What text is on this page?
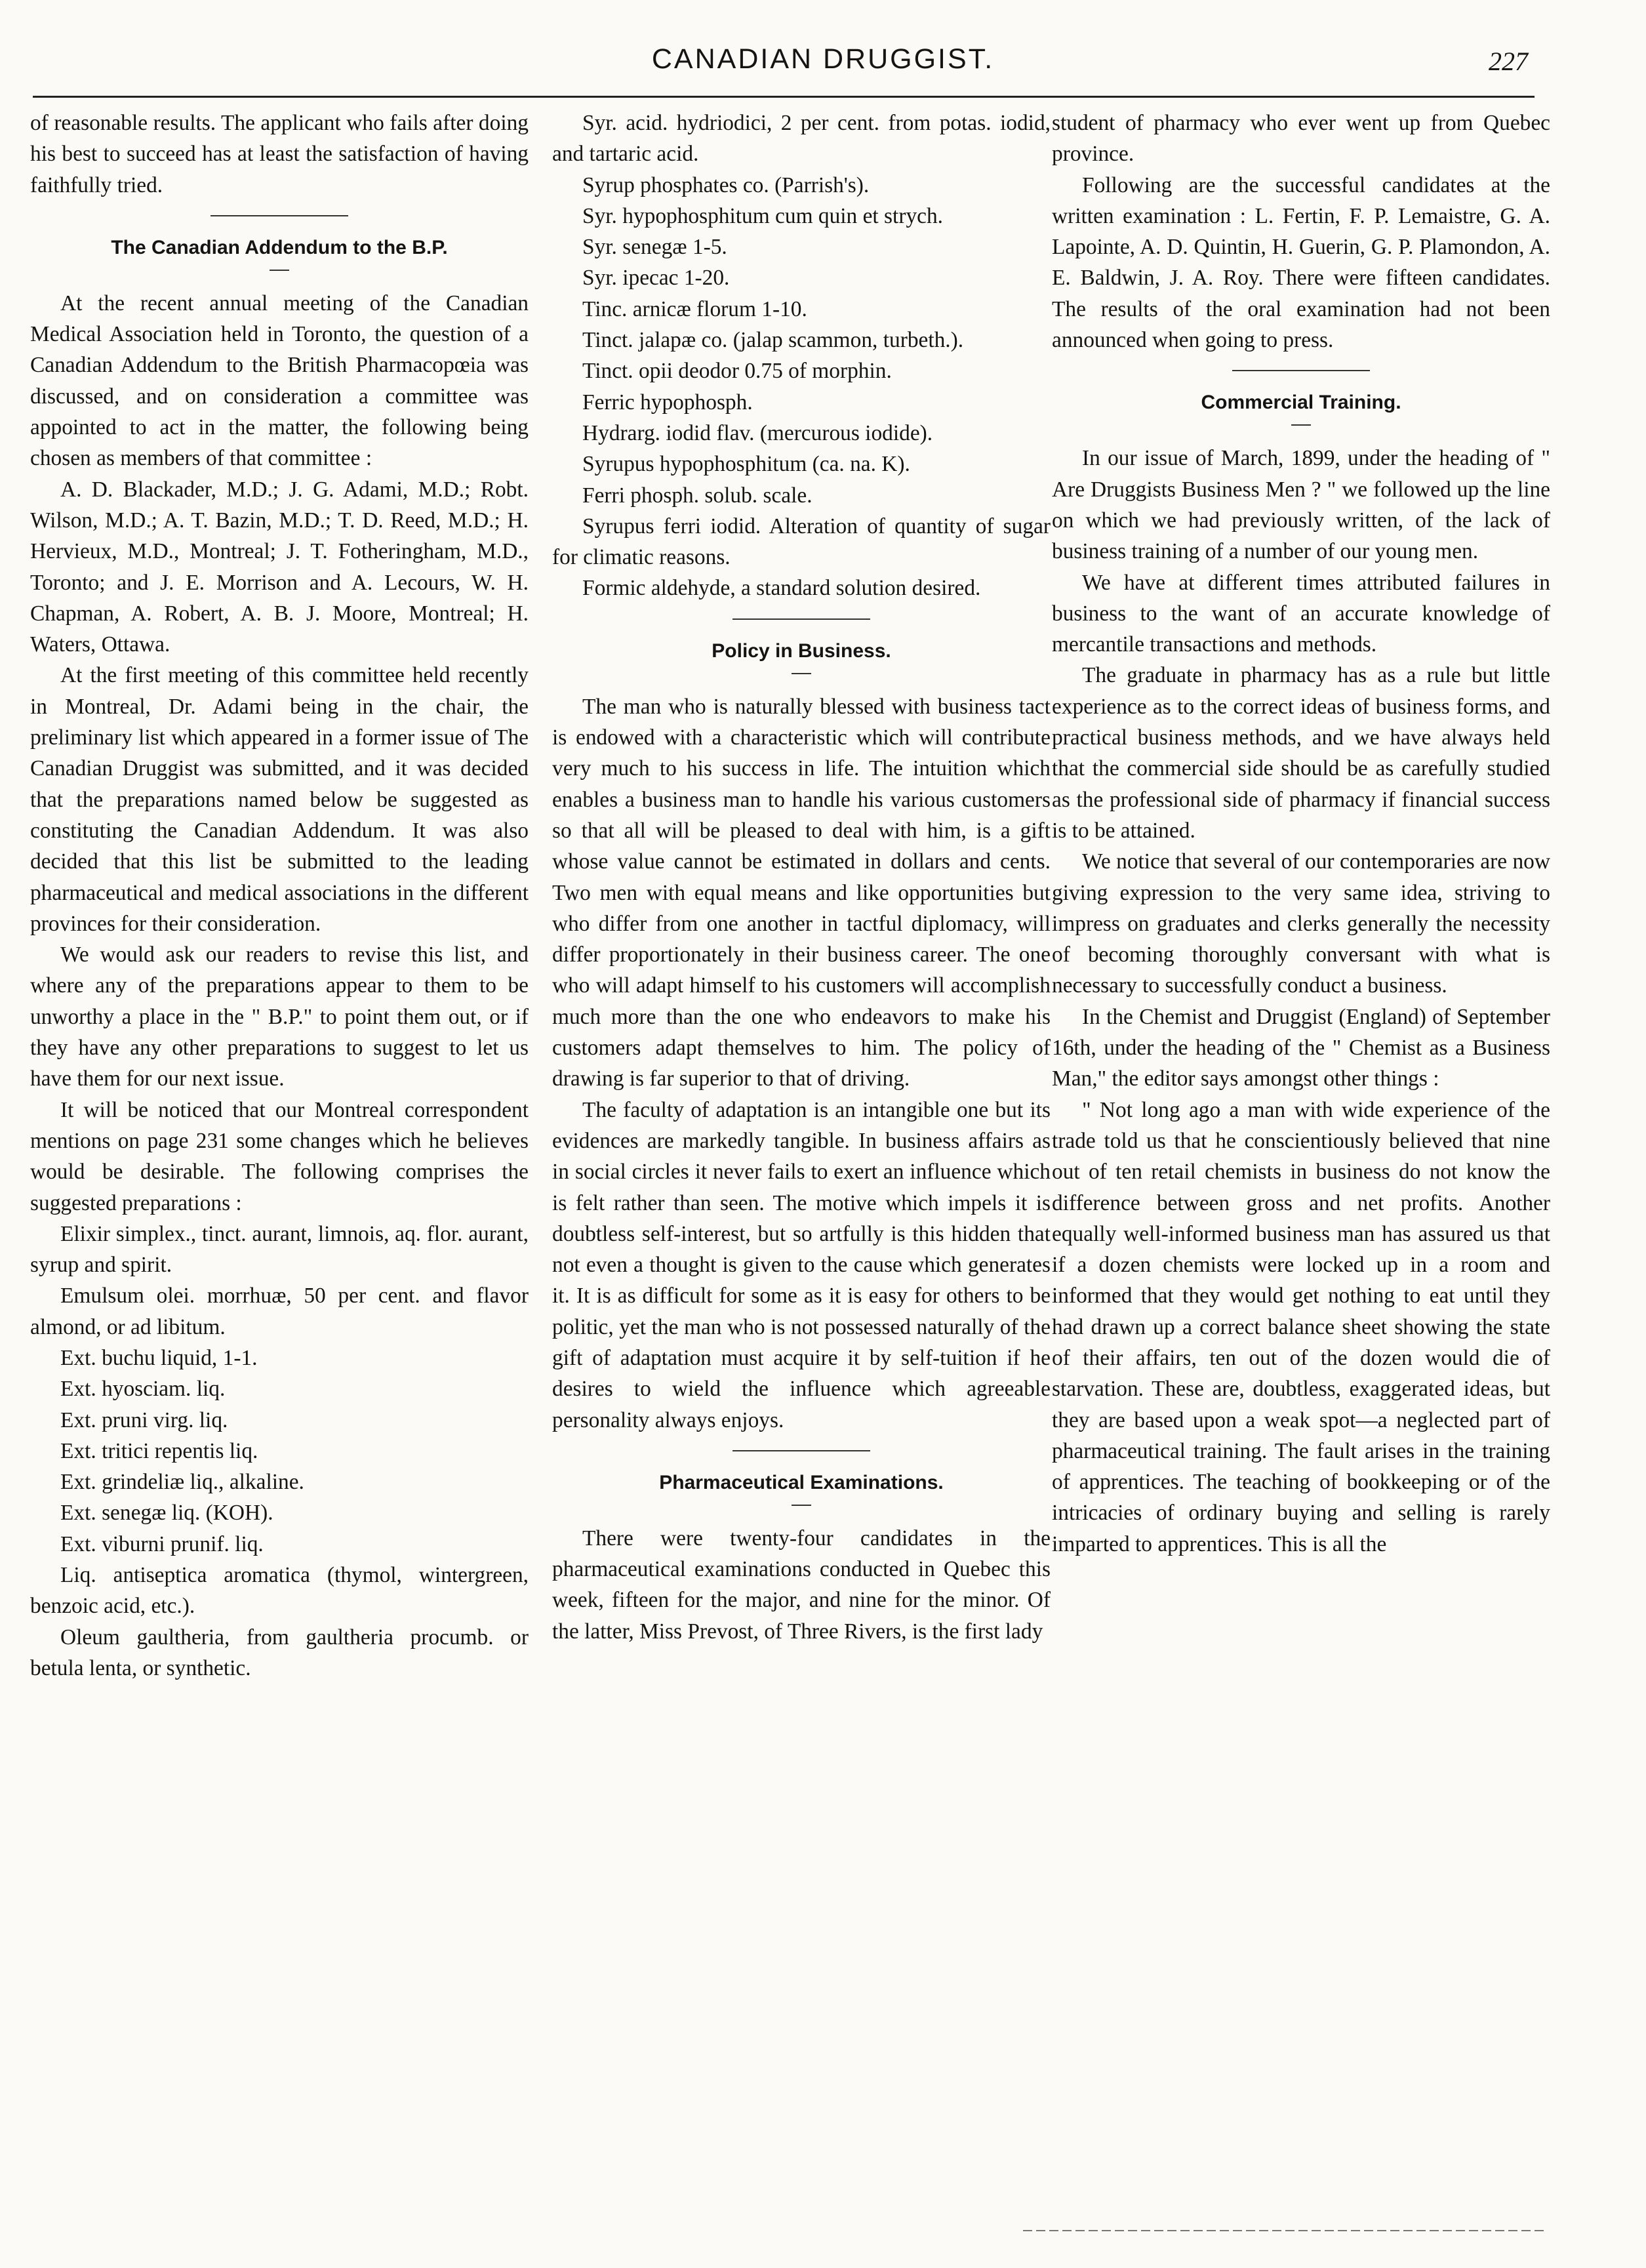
CANADIAN DRUGGIST.	227

of reasonable results. The applicant who fails after doing his best to succeed has at least the satisfaction of having faithfully tried.

The Canadian Addendum to the B.P.

At the recent annual meeting of the Canadian Medical Association held in Toronto, the question of a Canadian Addendum to the British Pharmacopœia was discussed, and on consideration a committee was appointed to act in the matter, the following being chosen as members of that committee :

A. D. Blackader, M.D.; J. G. Adami, M.D.; Robt. Wilson, M.D.; A. T. Bazin, M.D.; T. D. Reed, M.D.; H. Hervieux, M.D., Montreal; J. T. Fotheringham, M.D., Toronto; and J. E. Morrison and A. Lecours, W. H. Chapman, A. Robert, A. B. J. Moore, Montreal; H. Waters, Ottawa.

At the first meeting of this committee held recently in Montreal, Dr. Adami being in the chair, the preliminary list which appeared in a former issue of The Canadian Druggist was submitted, and it was decided that the preparations named below be suggested as constituting the Canadian Addendum. It was also decided that this list be submitted to the leading pharmaceutical and medical associations in the different provinces for their consideration.

We would ask our readers to revise this list, and where any of the preparations appear to them to be unworthy a place in the " B.P." to point them out, or if they have any other preparations to suggest to let us have them for our next issue.

It will be noticed that our Montreal correspondent mentions on page 231 some changes which he believes would be desirable. The following comprises the suggested preparations :

Elixir simplex., tinct. aurant, limnois, aq. flor. aurant, syrup and spirit.

Emulsum olei. morrhuæ, 50 per cent. and flavor almond, or ad libitum.

Ext. buchu liquid, 1-1.

Ext. hyosciam. liq.

Ext. pruni virg. liq.

Ext. tritici repentis liq.

Ext. grindeliæ liq., alkaline.

Ext. senegæ liq. (KOH).

Ext. viburni prunif. liq.

Liq. antiseptica aromatica (thymol, wintergreen, benzoic acid, etc.).

Oleum gaultheria, from gaultheria procumb. or betula lenta, or synthetic.

Syr. acid. hydriodici, 2 per cent. from potas. iodid, and tartaric acid.

Syrup phosphates co. (Parrish's).

Syr. hypophosphitum cum quin et strych.

Syr. senegæ 1-5.

Syr. ipecac 1-20.

Tinc. arnicæ florum 1-10.

Tinct. jalapæ co. (jalap scammon, turbeth.).

Tinct. opii deodor 0.75 of morphin.

Ferric hypophosph.

Hydrarg. iodid flav. (mercurous iodide).

Syrupus hypophosphitum (ca. na. K).

Ferri phosph. solub. scale.

Syrupus ferri iodid. Alteration of quantity of sugar for climatic reasons.

Formic aldehyde, a standard solution desired.

Policy in Business.

The man who is naturally blessed with business tact is endowed with a characteristic which will contribute very much to his success in life. The intuition which enables a business man to handle his various customers so that all will be pleased to deal with him, is a gift whose value cannot be estimated in dollars and cents. Two men with equal means and like opportunities but who differ from one another in tactful diplomacy, will differ proportionately in their business career. The one who will adapt himself to his customers will accomplish much more than the one who endeavors to make his customers adapt themselves to him. The policy of drawing is far superior to that of driving.

The faculty of adaptation is an intangible one but its evidences are markedly tangible. In business affairs as in social circles it never fails to exert an influence which is felt rather than seen. The motive which impels it is doubtless self-interest, but so artfully is this hidden that not even a thought is given to the cause which generates it. It is as difficult for some as it is easy for others to be politic, yet the man who is not possessed naturally of the gift of adaptation must acquire it by self-tuition if he desires to wield the influence which agreeable personality always enjoys.

Pharmaceutical Examinations.

There were twenty-four candidates in the pharmaceutical examinations conducted in Quebec this week, fifteen for the major, and nine for the minor. Of the latter, Miss Prevost, of Three Rivers, is the first lady

student of pharmacy who ever went up from Quebec province.

Following are the successful candidates at the written examination : L. Fertin, F. P. Lemaistre, G. A. Lapointe, A. D. Quintin, H. Guerin, G. P. Plamondon, A. E. Baldwin, J. A. Roy. There were fifteen candidates. The results of the oral examination had not been announced when going to press.

Commercial Training.

In our issue of March, 1899, under the heading of " Are Druggists Business Men ? " we followed up the line on which we had previously written, of the lack of business training of a number of our young men.

We have at different times attributed failures in business to the want of an accurate knowledge of mercantile transactions and methods.

The graduate in pharmacy has as a rule but little experience as to the correct ideas of business forms, and practical business methods, and we have always held that the commercial side should be as carefully studied as the professional side of pharmacy if financial success is to be attained.

We notice that several of our contemporaries are now giving expression to the very same idea, striving to impress on graduates and clerks generally the necessity of becoming thoroughly conversant with what is necessary to successfully conduct a business.

In the Chemist and Druggist (England) of September 16th, under the heading of the " Chemist as a Business Man," the editor says amongst other things :

" Not long ago a man with wide experience of the trade told us that he conscientiously believed that nine out of ten retail chemists in business do not know the difference between gross and net profits. Another equally well-informed business man has assured us that if a dozen chemists were locked up in a room and informed that they would get nothing to eat until they had drawn up a correct balance sheet showing the state of their affairs, ten out of the dozen would die of starvation. These are, doubtless, exaggerated ideas, but they are based upon a weak spot—a neglected part of pharmaceutical training. The fault arises in the training of apprentices. The teaching of bookkeeping or of the intricacies of ordinary buying and selling is rarely imparted to apprentices. This is all the
